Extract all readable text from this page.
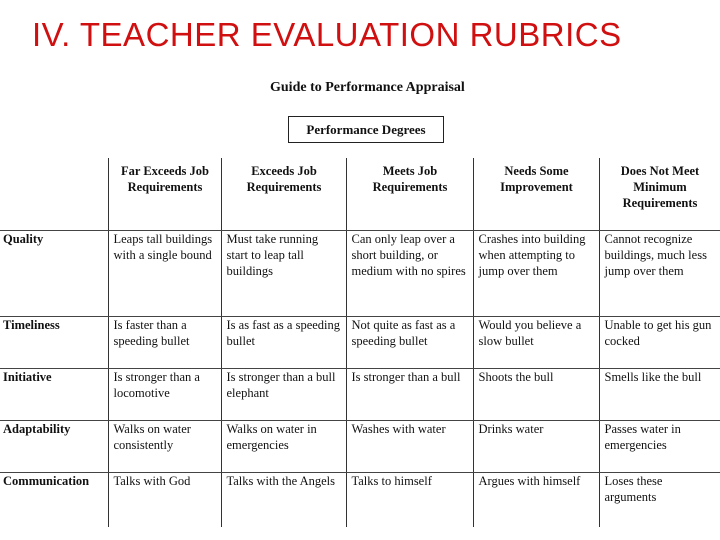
IV. TEACHER EVALUATION RUBRICS
Guide to Performance Appraisal
Performance Degrees
	Far Exceeds Job Requirements	Exceeds Job Requirements	Meets Job Requirements	Needs Some Improvement	Does Not Meet Minimum Requirements
Quality	Leaps tall buildings with a single bound	Must take running start to leap tall buildings	Can only leap over a short building, or medium with no spires	Crashes into building when attempting to jump over them	Cannot recognize buildings, much less jump over them
Timeliness	Is faster than a speeding bullet	Is as fast as a speeding bullet	Not quite as fast as a speeding bullet	Would you believe a slow bullet	Unable to get his gun cocked
Initiative	Is stronger than a locomotive	Is stronger than a bull elephant	Is stronger than a bull	Shoots the bull	Smells like the bull
Adaptability	Walks on water consistently	Walks on water in emergencies	Washes with water	Drinks water	Passes water in emergencies
Communication	Talks with God	Talks with the Angels	Talks to himself	Argues with himself	Loses these arguments
